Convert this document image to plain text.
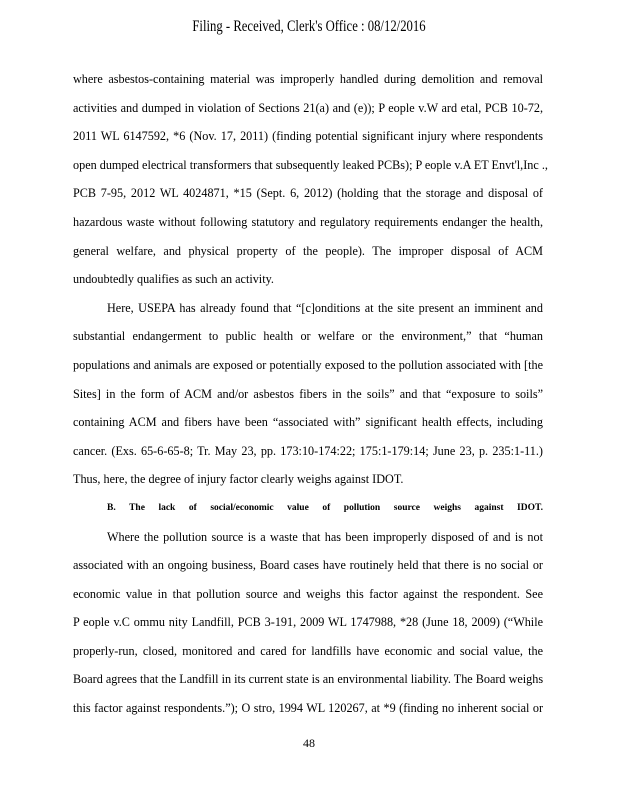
Filing - Received, Clerk's Office : 08/12/2016
where asbestos-containing material was improperly handled during demolition and removal
activities and dumped in violation of Sections 21(a) and (e)); P eople v.W ard etal, PCB 10-72,
2011 WL 6147592, *6 (Nov. 17, 2011) (finding potential significant injury where respondents
open dumped electrical transformers that subsequently leaked PCBs); P eople v.A ET Envt'l,Inc .,
PCB 7-95, 2012 WL 4024871, *15 (Sept. 6, 2012) (holding that the storage and disposal of
hazardous waste without following statutory and regulatory requirements endanger the health,
general welfare, and physical property of the people). The improper disposal of ACM
undoubtedly qualifies as such an activity.
Here, USEPA has already found that “[c]onditions at the site present an imminent and
substantial endangerment to public health or welfare or the environment,” that “human
populations and animals are exposed or potentially exposed to the pollution associated with [the
Sites] in the form of ACM and/or asbestos fibers in the soils” and that “exposure to soils”
containing ACM and fibers have been “associated with” significant health effects, including
cancer. (Exs. 65-6-65-8; Tr. May 23, pp. 173:10-174:22; 175:1-179:14; June 23, p. 235:1-11.)
Thus, here, the degree of injury factor clearly weighs against IDOT.
B. The lack of social/economic value of pollution source weighs against IDOT.
Where the pollution source is a waste that has been improperly disposed of and is not
associated with an ongoing business, Board cases have routinely held that there is no social or
economic value in that pollution source and weighs this factor against the respondent. See
P eople v.C ommu nity Landfill, PCB 3-191, 2009 WL 1747988, *28 (June 18, 2009) (“While
properly-run, closed, monitored and cared for landfills have economic and social value, the
Board agrees that the Landfill in its current state is an environmental liability. The Board weighs
this factor against respondents.”); O stro, 1994 WL 120267, at *9 (finding no inherent social or
48
